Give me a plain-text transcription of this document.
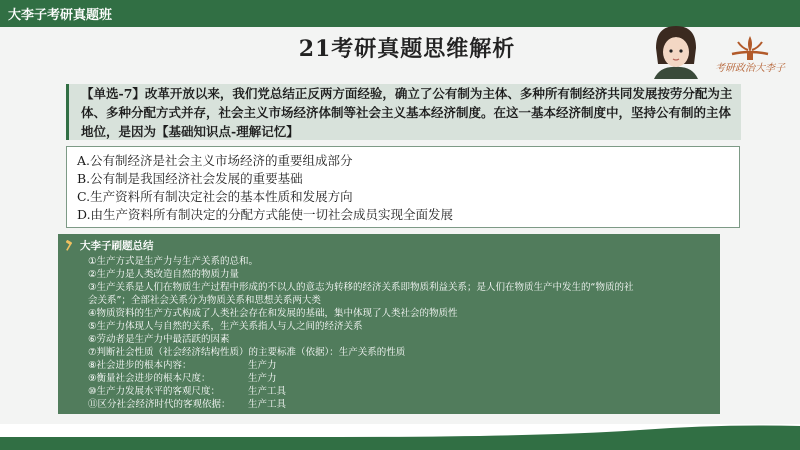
大李子考研真题班
21考研真题思维解析
考研政治大李子
【单选-7】改革开放以来，我们党总结正反两方面经验，确立了公有制为主体、多种所有制经济共同发展按劳分配为主体、多种分配方式并存，社会主义市场经济体制等社会主义基本经济制度。在这一基本经济制度中，坚持公有制的主体地位，是因为【基础知识点-理解记忆】
A.公有制经济是社会主义市场经济的重要组成部分
B.公有制是我国经济社会发展的重要基础
C.生产资料所有制决定社会的基本性质和发展方向
D.由生产资料所有制决定的分配方式能使一切社会成员实现全面发展
大李子刷题总结
①生产方式是生产力与生产关系的总和。
②生产力是人类改造自然的物质力量
③生产关系是人们在物质生产过程中形成的不以人的意志为转移的经济关系即物质利益关系；是人们在物质生产中发生的“物质的社
会关系”；全部社会关系分为物质关系和思想关系两大类
④物质资料的生产方式构成了人类社会存在和发展的基础，集中体现了人类社会的物质性
⑤生产力体现人与自然的关系，生产关系指人与人之间的经济关系
⑥劳动者是生产力中最活跃的因素
⑦判断社会性质（社会经济结构性质）的主要标准（依据）：生产关系的性质
⑧社会进步的根本内容：
⑨衡量社会进步的根本尺度：
⑩生产力发展水平的客观尺度：
⑪区分社会经济时代的客观依据：
生产力
生产力
生产工具
生产工具
